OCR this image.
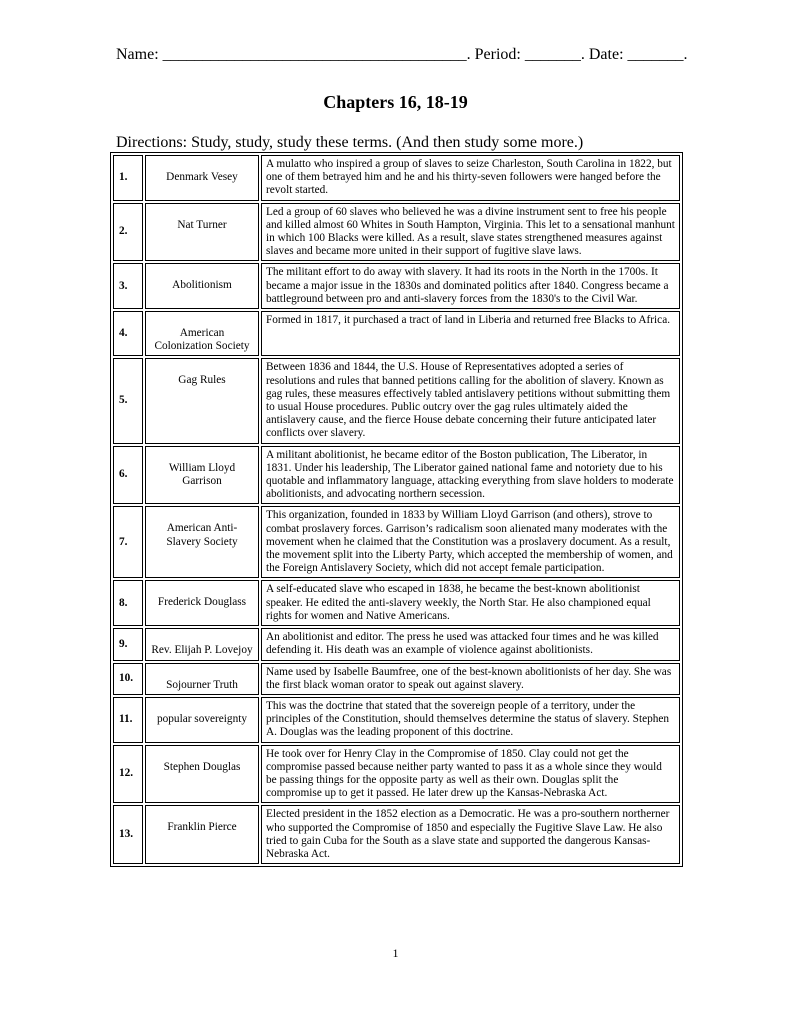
Name: ______________________________________. Period: _______. Date: _______.
Chapters 16, 18-19
Directions: Study, study, study these terms. (And then study some more.)
1.	Denmark Vesey	A mulatto who inspired a group of slaves to seize Charleston, South Carolina in 1822, but one of them betrayed him and he and his thirty-seven followers were hanged before the revolt started.
2.	Nat Turner	Led a group of 60 slaves who believed he was a divine instrument sent to free his people and killed almost 60 Whites in South Hampton, Virginia. This let to a sensational manhunt in which 100 Blacks were killed. As a result, slave states strengthened measures against slaves and became more united in their support of fugitive slave laws.
3.	Abolitionism	The militant effort to do away with slavery. It had its roots in the North in the 1700s. It became a major issue in the 1830s and dominated politics after 1840. Congress became a battleground between pro and anti-slavery forces from the 1830's to the Civil War.
4.	American Colonization Society	Formed in 1817, it purchased a tract of land in Liberia and returned free Blacks to Africa.
5.	Gag Rules	Between 1836 and 1844, the U.S. House of Representatives adopted a series of resolutions and rules that banned petitions calling for the abolition of slavery. Known as gag rules, these measures effectively tabled antislavery petitions without submitting them to usual House procedures. Public outcry over the gag rules ultimately aided the antislavery cause, and the fierce House debate concerning their future anticipated later conflicts over slavery.
6.	William Lloyd Garrison	A militant abolitionist, he became editor of the Boston publication, The Liberator, in 1831. Under his leadership, The Liberator gained national fame and notoriety due to his quotable and inflammatory language, attacking everything from slave holders to moderate abolitionists, and advocating northern secession.
7.	American Anti-Slavery Society	This organization, founded in 1833 by William Lloyd Garrison (and others), strove to combat proslavery forces. Garrison’s radicalism soon alienated many moderates with the movement when he claimed that the Constitution was a proslavery document. As a result, the movement split into the Liberty Party, which accepted the membership of women, and the Foreign Antislavery Society, which did not accept female participation.
8.	Frederick Douglass	A self-educated slave who escaped in 1838, he became the best-known abolitionist speaker. He edited the anti-slavery weekly, the North Star. He also championed equal rights for women and Native Americans.
9.	Rev. Elijah P. Lovejoy	An abolitionist and editor. The press he used was attacked four times and he was killed defending it. His death was an example of violence against abolitionists.
10.	Sojourner Truth	Name used by Isabelle Baumfree, one of the best-known abolitionists of her day. She was the first black woman orator to speak out against slavery.
11.	popular sovereignty	This was the doctrine that stated that the sovereign people of a territory, under the principles of the Constitution, should themselves determine the status of slavery. Stephen A. Douglas was the leading proponent of this doctrine.
12.	Stephen Douglas	He took over for Henry Clay in the Compromise of 1850. Clay could not get the compromise passed because neither party wanted to pass it as a whole since they would be passing things for the opposite party as well as their own. Douglas split the compromise up to get it passed. He later drew up the Kansas-Nebraska Act.
13.	Franklin Pierce	Elected president in the 1852 election as a Democratic. He was a pro-southern northerner who supported the Compromise of 1850 and especially the Fugitive Slave Law. He also tried to gain Cuba for the South as a slave state and supported the dangerous Kansas-Nebraska Act.
1
